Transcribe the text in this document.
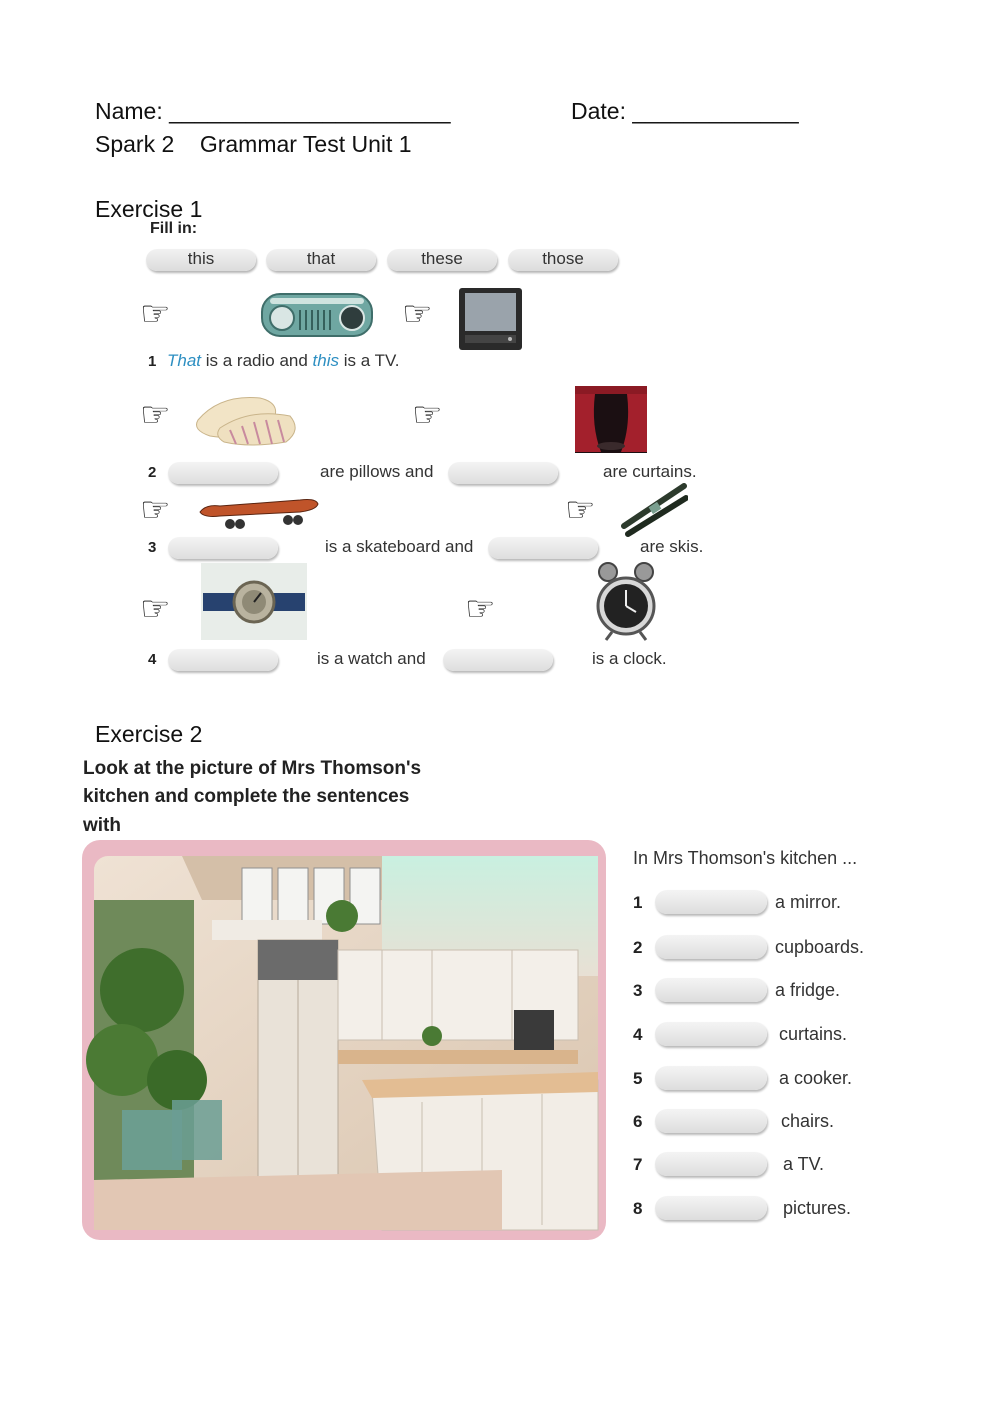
Name: ______________________	Date: _____________
Spark 2    Grammar Test Unit 1
Exercise 1
Fill in:
this	that	these	those
☞	☞
1 That is a radio and this is a TV.
☞	☞
2	are pillows and	are curtains.
☞	☞
3	is a skateboard and	are skis.
☞	☞
4	is a watch and	is a clock.
Exercise 2
Look at the picture of Mrs Thomson's
kitchen and complete the sentences
with
In Mrs Thomson's kitchen ...
1	a mirror.
2	cupboards.
3	a fridge.
4	curtains.
5	a cooker.
6	chairs.
7	a TV.
8	pictures.
